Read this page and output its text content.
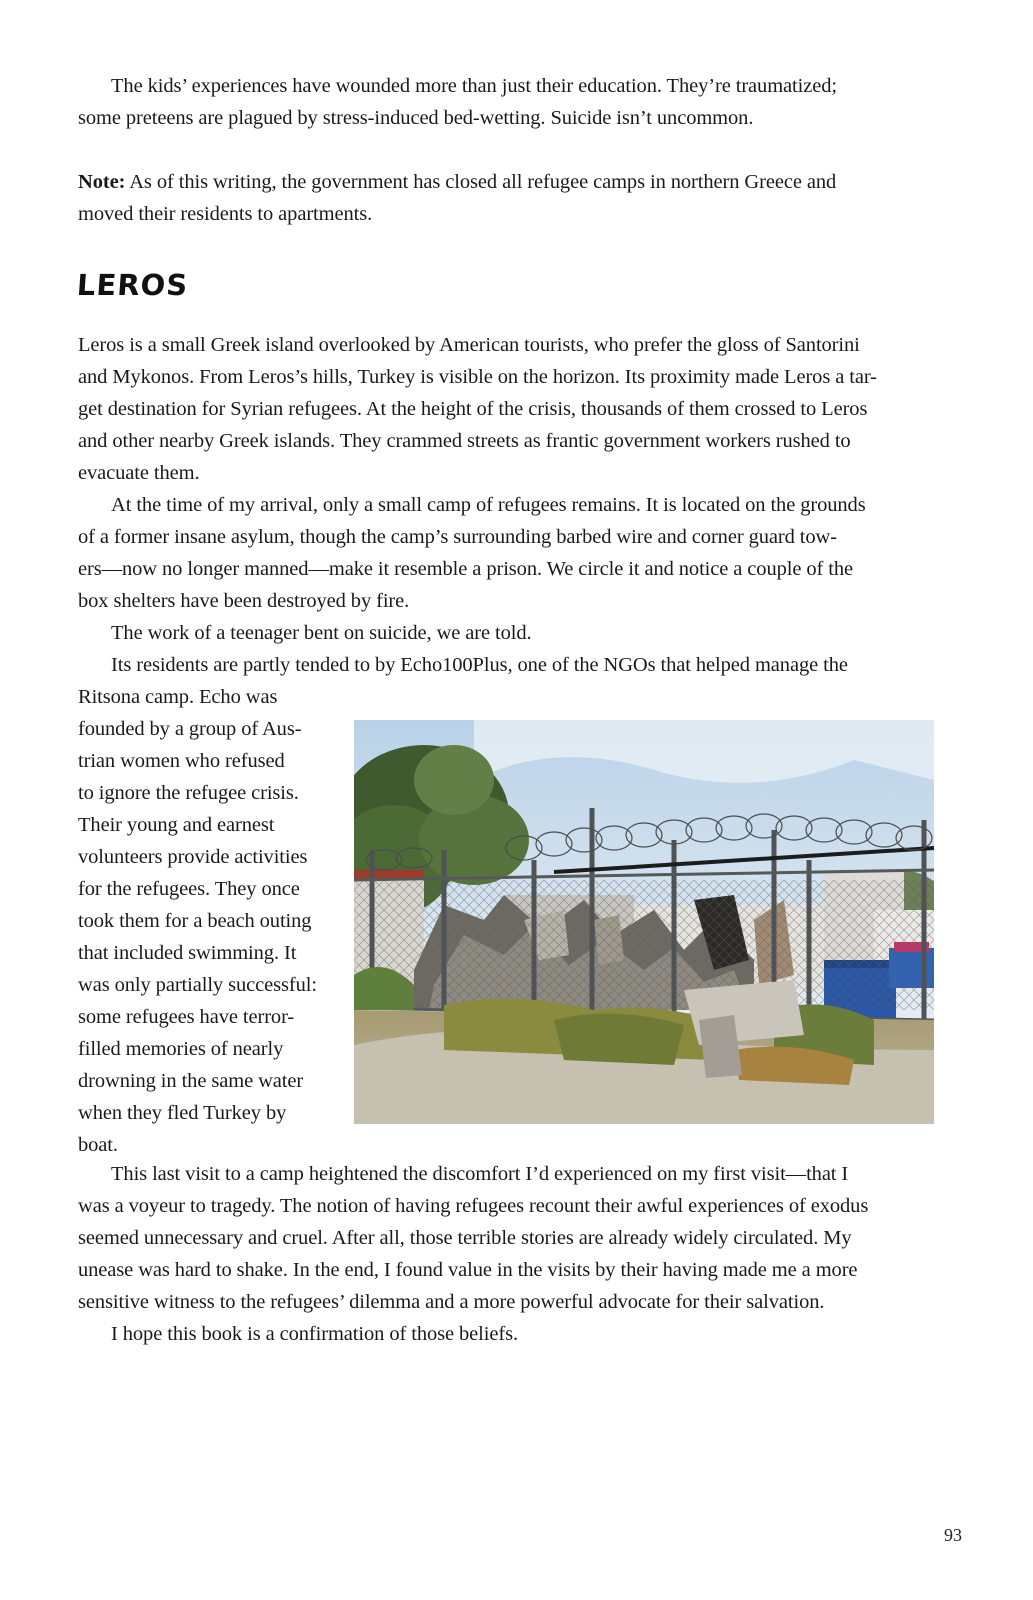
The kids’ experiences have wounded more than just their education. They’re traumatized;
some preteens are plagued by stress-induced bed-wetting. Suicide isn’t uncommon.
Note: As of this writing, the government has closed all refugee camps in northern Greece and
moved their residents to apartments.
LEROS
Leros is a small Greek island overlooked by American tourists, who prefer the gloss of Santorini
and Mykonos. From Leros’s hills, Turkey is visible on the horizon. Its proximity made Leros a tar-
get destination for Syrian refugees. At the height of the crisis, thousands of them crossed to Leros
and other nearby Greek islands. They crammed streets as frantic government workers rushed to
evacuate them.
At the time of my arrival, only a small camp of refugees remains. It is located on the grounds
of a former insane asylum, though the camp’s surrounding barbed wire and corner guard tow-
ers—now no longer manned—make it resemble a prison. We circle it and notice a couple of the
box shelters have been destroyed by fire.
The work of a teenager bent on suicide, we are told.
Its residents are partly tended to by Echo100Plus, one of the NGOs that helped manage the
Ritsona camp. Echo was
founded by a group of Aus-
trian women who refused
to ignore the refugee crisis.
Their young and earnest
volunteers provide activities
for the refugees. They once
took them for a beach outing
that included swimming. It
was only partially successful:
some refugees have terror-
filled memories of nearly
drowning in the same water
when they fled Turkey by
boat.
This last visit to a camp heightened the discomfort I’d experienced on my first visit—that I
was a voyeur to tragedy. The notion of having refugees recount their awful experiences of exodus
seemed unnecessary and cruel. After all, those terrible stories are already widely circulated. My
unease was hard to shake. In the end, I found value in the visits by their having made me a more
sensitive witness to the refugees’ dilemma and a more powerful advocate for their salvation.
I hope this book is a confirmation of those beliefs.
93
